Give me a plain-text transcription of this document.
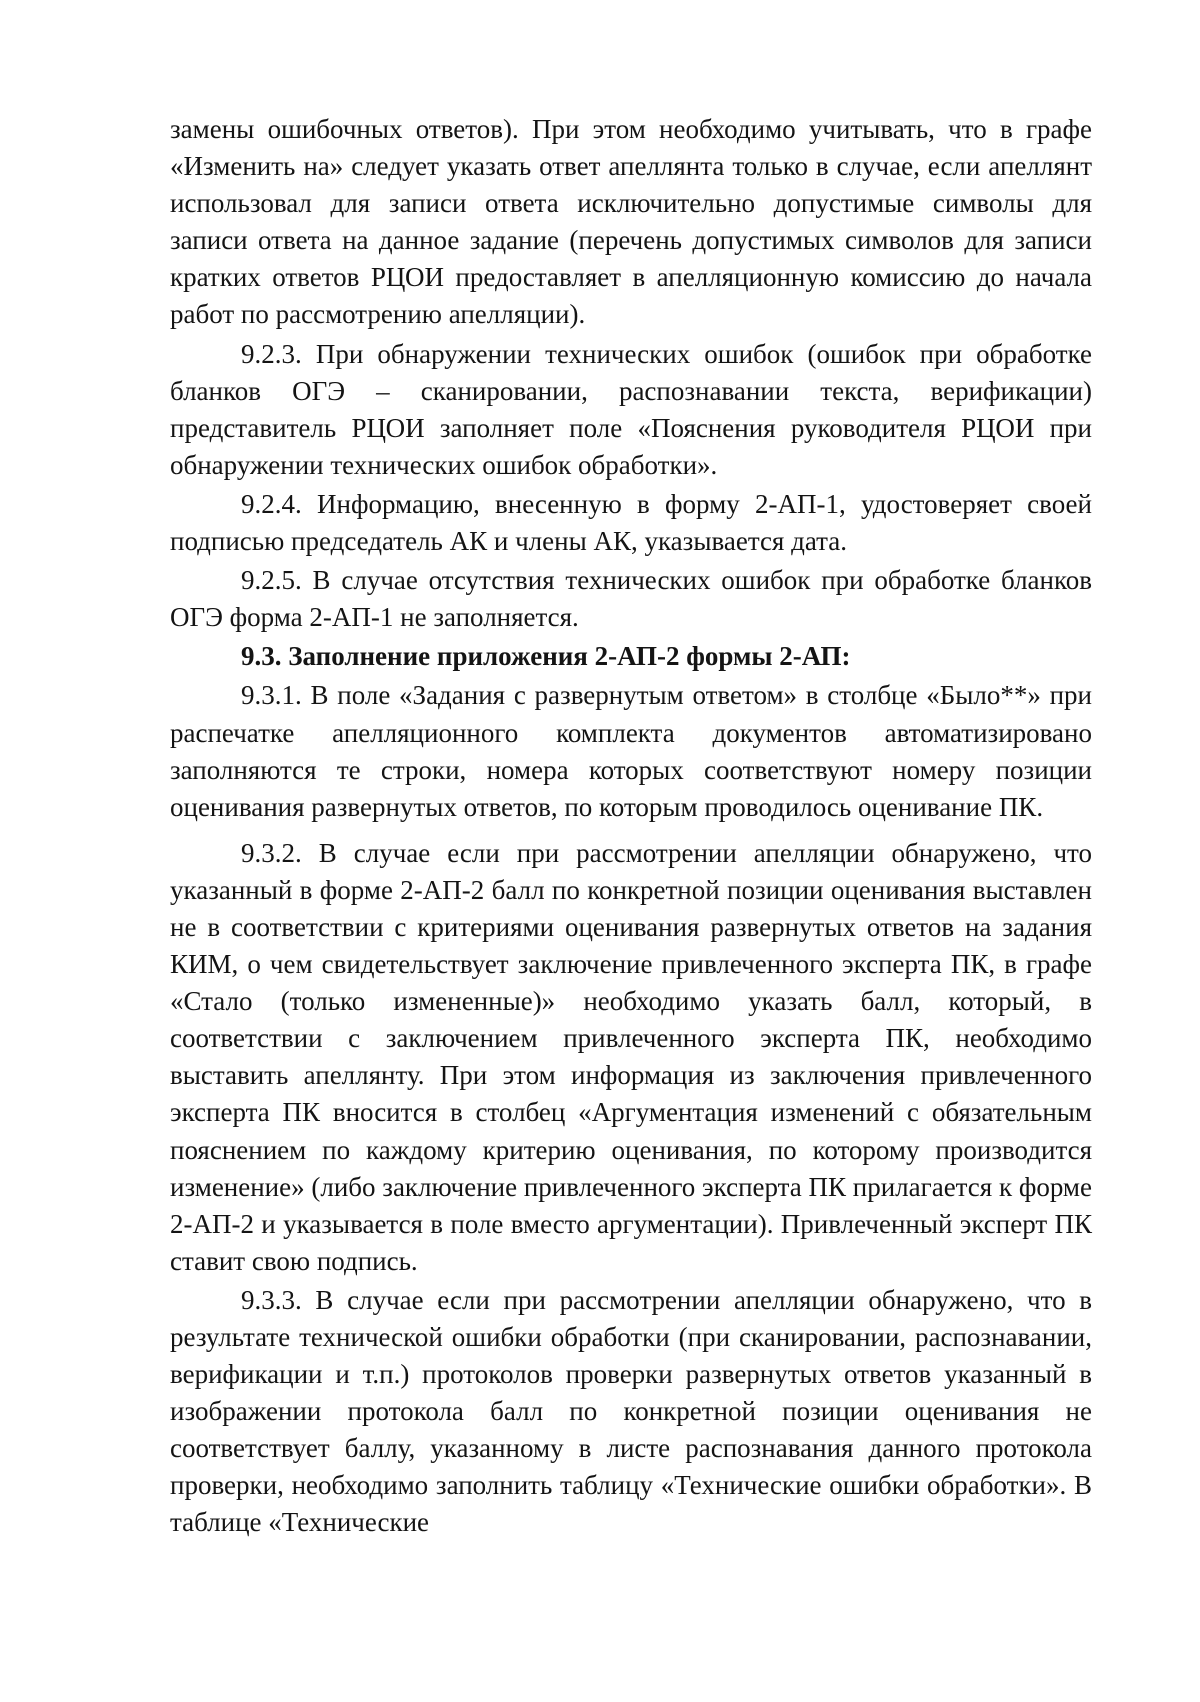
замены ошибочных ответов). При этом необходимо учитывать, что в графе «Изменить на» следует указать ответ апеллянта только в случае, если апеллянт использовал для записи ответа исключительно допустимые символы для записи ответа на данное задание (перечень допустимых символов для записи кратких ответов РЦОИ предоставляет в апелляционную комиссию до начала работ по рассмотрению апелляции).

9.2.3. При обнаружении технических ошибок (ошибок при обработке бланков ОГЭ – сканировании, распознавании текста, верификации) представитель РЦОИ заполняет поле «Пояснения руководителя РЦОИ при обнаружении технических ошибок обработки».

9.2.4. Информацию, внесенную в форму 2-АП-1, удостоверяет своей подписью председатель АК и члены АК, указывается дата.

9.2.5. В случае отсутствия технических ошибок при обработке бланков ОГЭ форма 2-АП-1 не заполняется.

9.3. Заполнение приложения 2-АП-2 формы 2-АП:

9.3.1. В поле «Задания с развернутым ответом» в столбце «Было**» при распечатке апелляционного комплекта документов автоматизировано заполняются те строки, номера которых соответствуют номеру позиции оценивания развернутых ответов, по которым проводилось оценивание ПК.

9.3.2. В случае если при рассмотрении апелляции обнаружено, что указанный в форме 2-АП-2 балл по конкретной позиции оценивания выставлен не в соответствии с критериями оценивания развернутых ответов на задания КИМ, о чем свидетельствует заключение привлеченного эксперта ПК, в графе «Стало (только измененные)» необходимо указать балл, который, в соответствии с заключением привлеченного эксперта ПК, необходимо выставить апеллянту. При этом информация из заключения привлеченного эксперта ПК вносится в столбец «Аргументация изменений с обязательным пояснением по каждому критерию оценивания, по которому производится изменение» (либо заключение привлеченного эксперта ПК прилагается к форме 2-АП-2 и указывается в поле вместо аргументации). Привлеченный эксперт ПК ставит свою подпись.

9.3.3. В случае если при рассмотрении апелляции обнаружено, что в результате технической ошибки обработки (при сканировании, распознавании, верификации и т.п.) протоколов проверки развернутых ответов указанный в изображении протокола балл по конкретной позиции оценивания не соответствует баллу, указанному в листе распознавания данного протокола проверки, необходимо заполнить таблицу «Технические ошибки обработки». В таблице «Технические
